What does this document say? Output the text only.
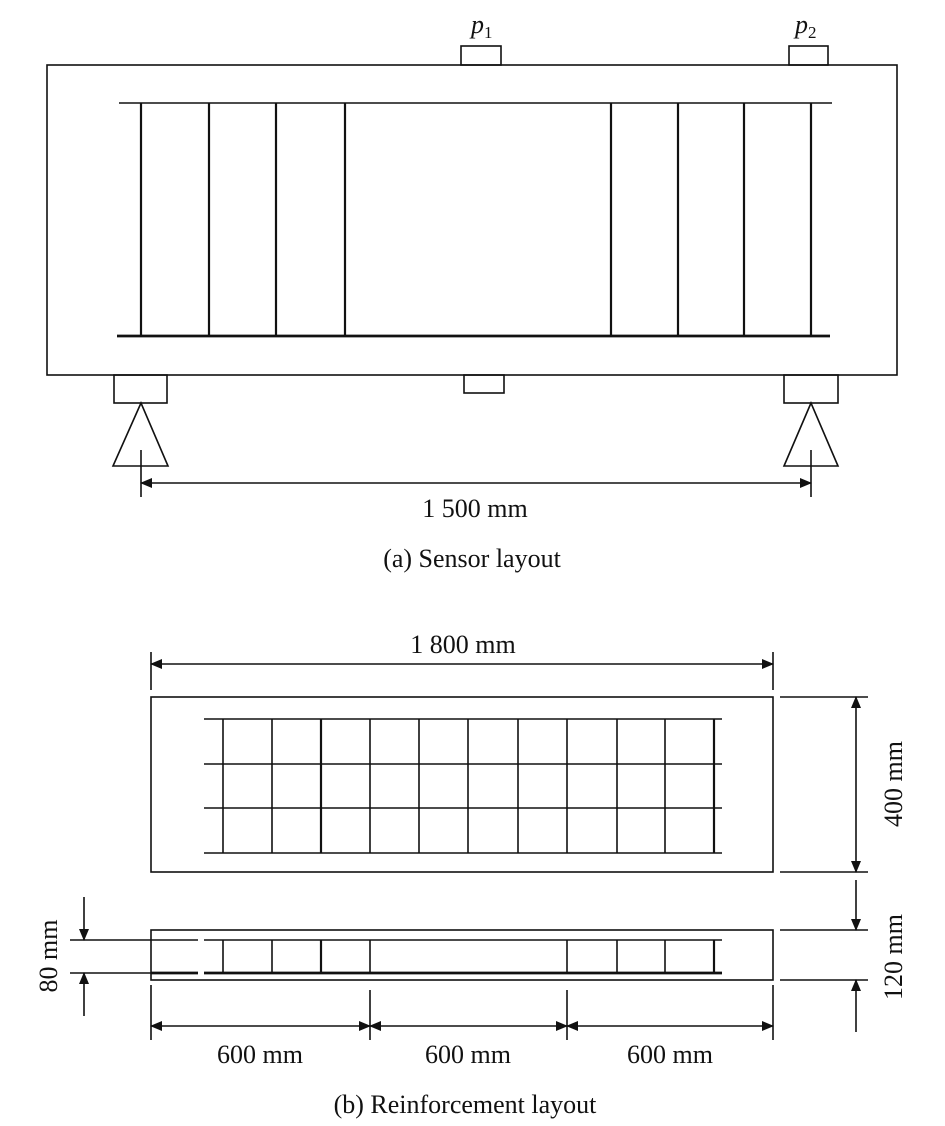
p1	p2
1 500 mm
(a) Sensor layout
1 800 mm
400 mm
80 mm	120 mm
600 mm	600 mm	600 mm
(b) Reinforcement layout
